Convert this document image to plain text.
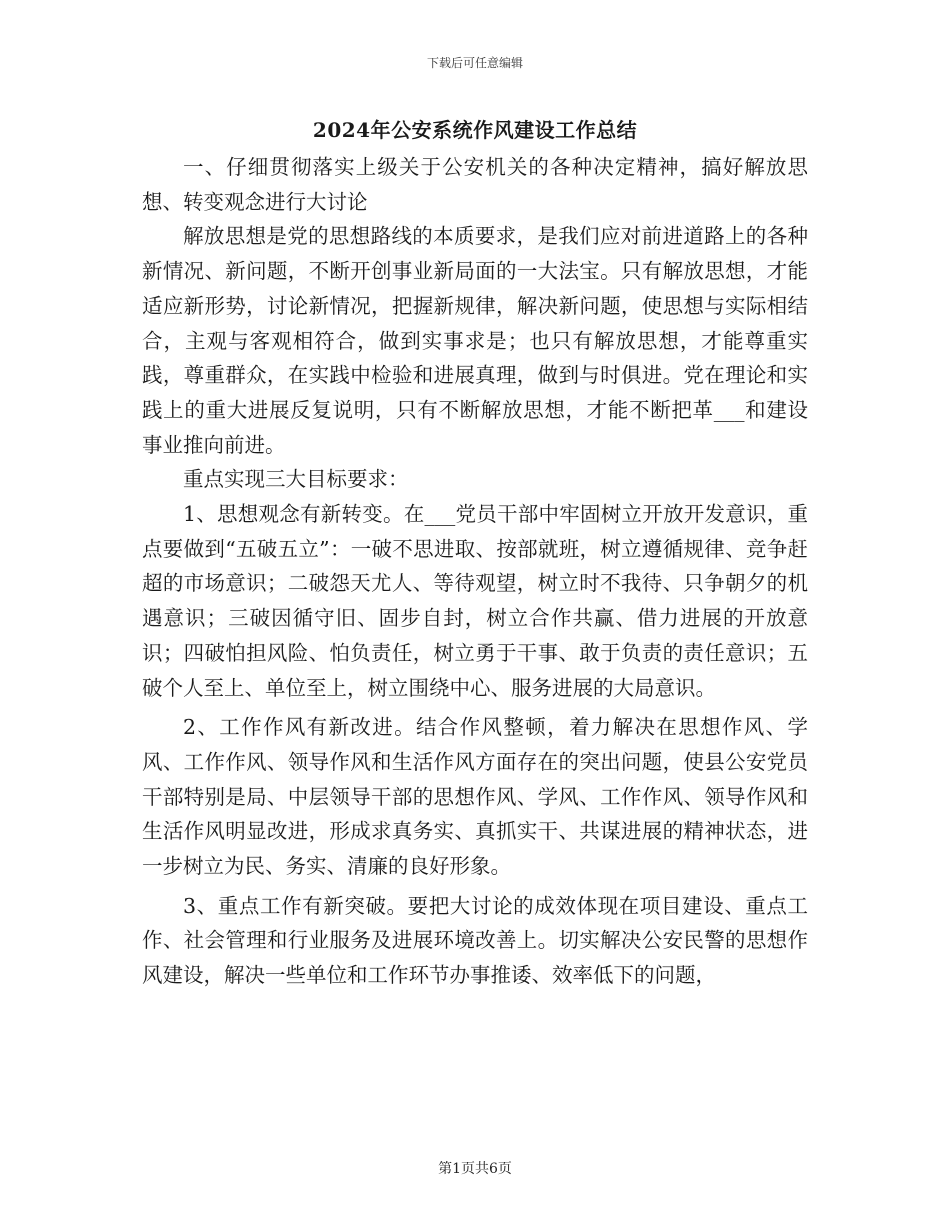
下载后可任意编辑
2024年公安系统作风建设工作总结

一、仔细贯彻落实上级关于公安机关的各种决定精神，搞好解放思想、转变观念进行大讨论

解放思想是党的思想路线的本质要求，是我们应对前进道路上的各种新情况、新问题，不断开创事业新局面的一大法宝。只有解放思想，才能适应新形势，讨论新情况，把握新规律，解决新问题，使思想与实际相结合，主观与客观相符合，做到实事求是；也只有解放思想，才能尊重实践，尊重群众，在实践中检验和进展真理，做到与时俱进。党在理论和实践上的重大进展反复说明，只有不断解放思想，才能不断把革___和建设事业推向前进。

重点实现三大目标要求：

1、思想观念有新转变。在___党员干部中牢固树立开放开发意识，重点要做到“五破五立”：一破不思进取、按部就班，树立遵循规律、竞争赶超的市场意识；二破怨天尤人、等待观望，树立时不我待、只争朝夕的机遇意识；三破因循守旧、固步自封，树立合作共赢、借力进展的开放意识；四破怕担风险、怕负责任，树立勇于干事、敢于负责的责任意识；五破个人至上、单位至上，树立围绕中心、服务进展的大局意识。

2、工作作风有新改进。结合作风整顿，着力解决在思想作风、学风、工作作风、领导作风和生活作风方面存在的突出问题，使县公安党员干部特别是局、中层领导干部的思想作风、学风、工作作风、领导作风和生活作风明显改进，形成求真务实、真抓实干、共谋进展的精神状态，进一步树立为民、务实、清廉的良好形象。

3、重点工作有新突破。要把大讨论的成效体现在项目建设、重点工作、社会管理和行业服务及进展环境改善上。切实解决公安民警的思想作风建设，解决一些单位和工作环节办事推诿、效率低下的问题，

第1页共6页
